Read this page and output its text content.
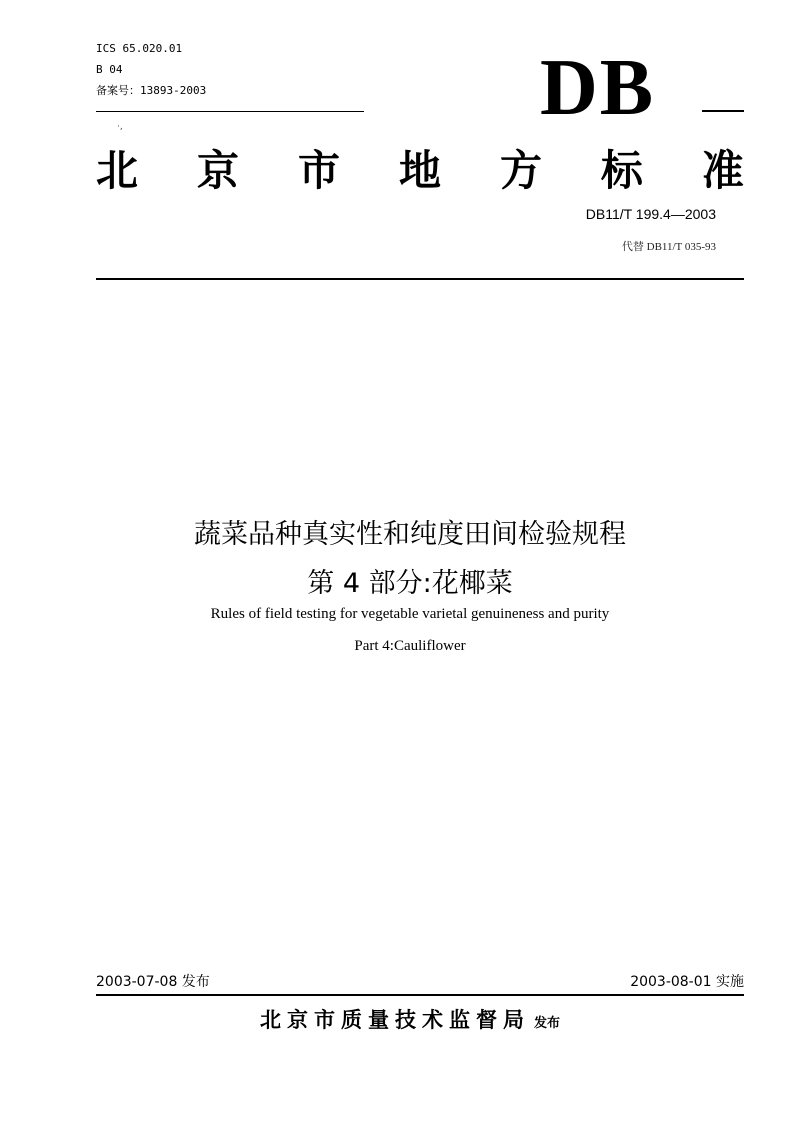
ICS 65.020.01
B 04
备案号：13893-2003
·,	DB
北 京 市 地 方 标 准
DB11/T 199.4—2003
代替 DB11/T 035-93
蔬菜品种真实性和纯度田间检验规程
第 4 部分:花椰菜
Rules of field testing for vegetable varietal genuineness and purity
Part 4:Cauliflower
2003-07-08 发布	2003-08-01 实施
北京市质量技术监督局 发布
